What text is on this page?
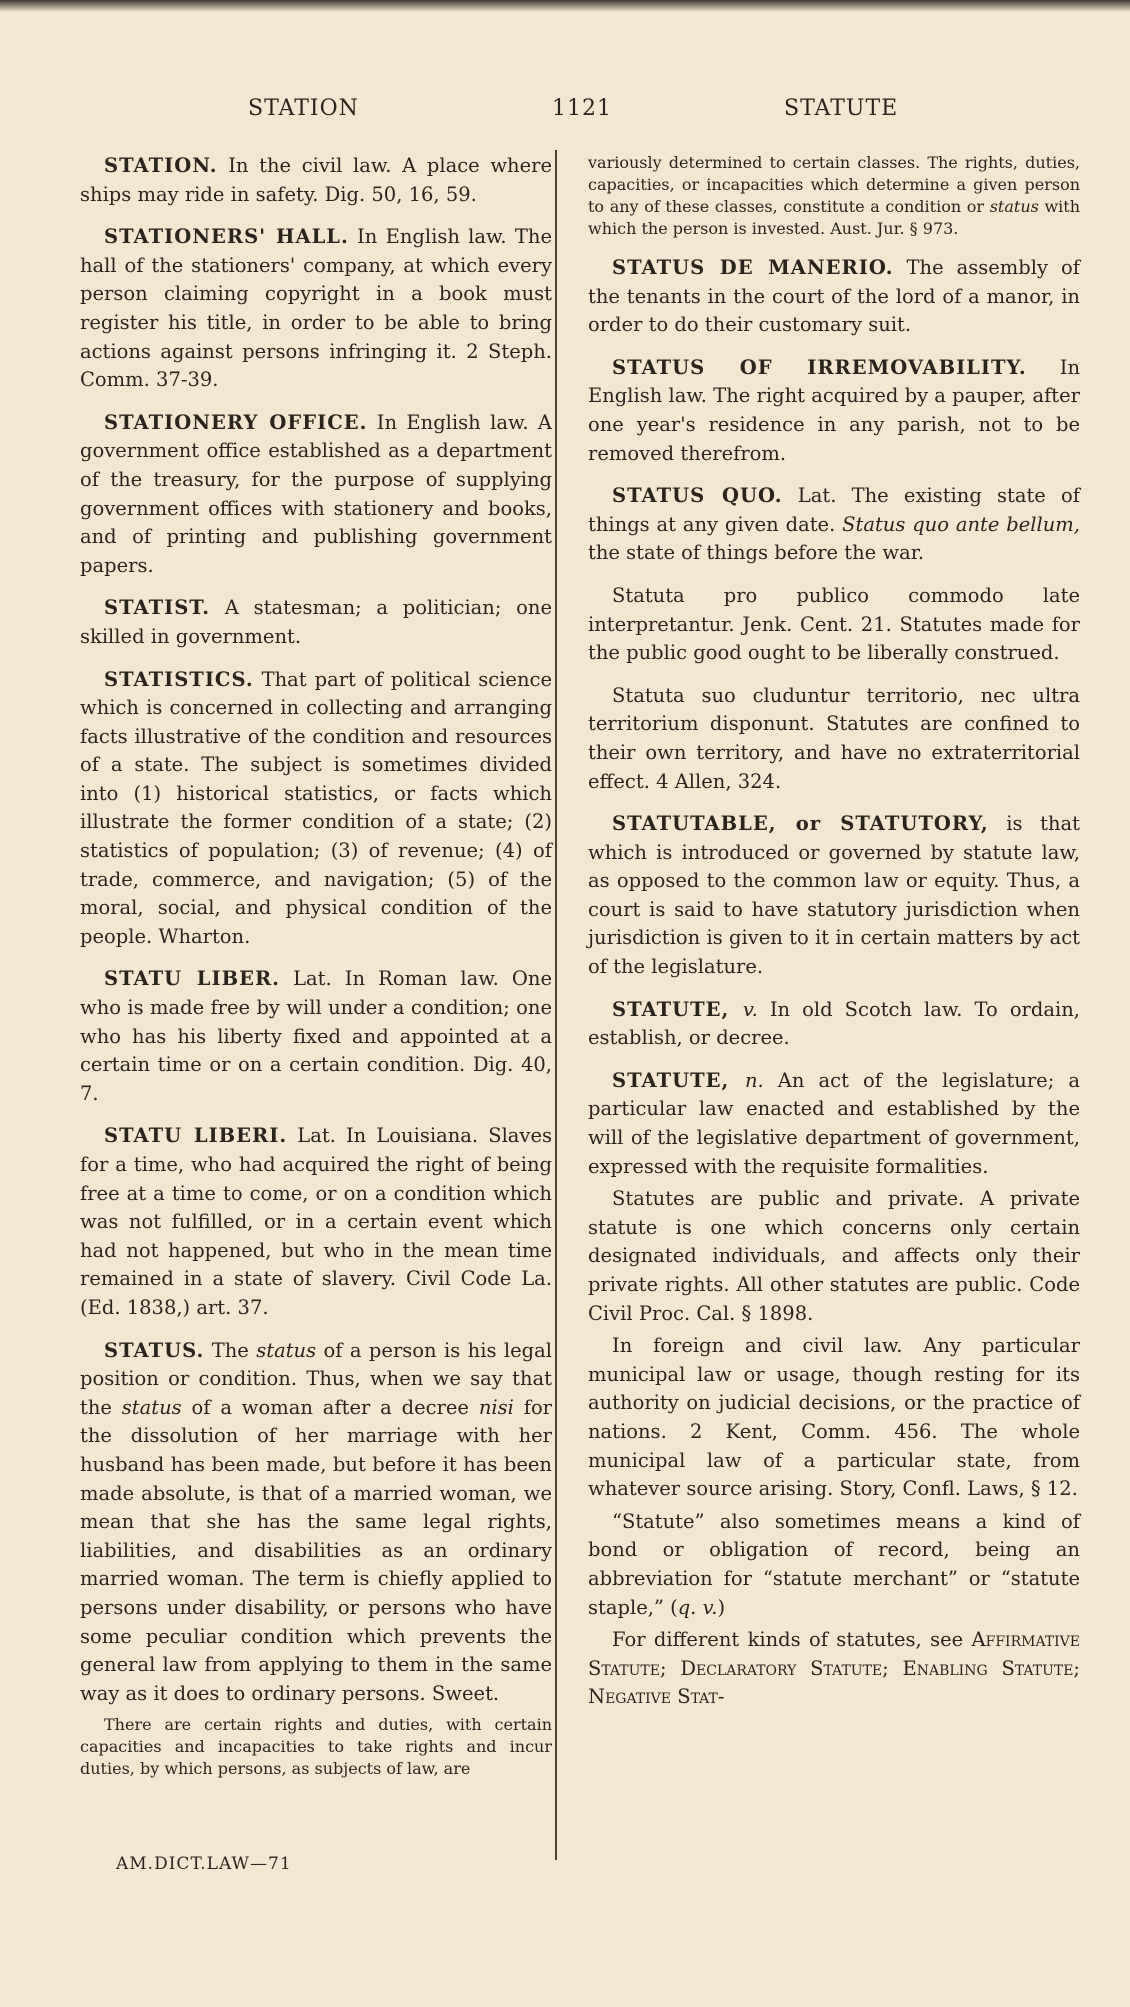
STATION	1121	STATUTE

STATION. In the civil law. A place where ships may ride in safety. Dig. 50, 16, 59.

STATIONERS' HALL. In English law. The hall of the stationers' company, at which every person claiming copyright in a book must register his title, in order to be able to bring actions against persons infringing it. 2 Steph. Comm. 37-39.

STATIONERY OFFICE. In English law. A government office established as a department of the treasury, for the purpose of supplying government offices with stationery and books, and of printing and publishing government papers.

STATIST. A statesman; a politician; one skilled in government.

STATISTICS. That part of political science which is concerned in collecting and arranging facts illustrative of the condition and resources of a state. The subject is sometimes divided into (1) historical statistics, or facts which illustrate the former condition of a state; (2) statistics of population; (3) of revenue; (4) of trade, commerce, and navigation; (5) of the moral, social, and physical condition of the people. Wharton.

STATU LIBER. Lat. In Roman law. One who is made free by will under a condition; one who has his liberty fixed and appointed at a certain time or on a certain condition. Dig. 40, 7.

STATU LIBERI. Lat. In Louisiana. Slaves for a time, who had acquired the right of being free at a time to come, or on a condition which was not fulfilled, or in a certain event which had not happened, but who in the mean time remained in a state of slavery. Civil Code La. (Ed. 1838,) art. 37.

STATUS. The status of a person is his legal position or condition. Thus, when we say that the status of a woman after a decree nisi for the dissolution of her marriage with her husband has been made, but before it has been made absolute, is that of a married woman, we mean that she has the same legal rights, liabilities, and disabilities as an ordinary married woman. The term is chiefly applied to persons under disability, or persons who have some peculiar condition which prevents the general law from applying to them in the same way as it does to ordinary persons. Sweet.

There are certain rights and duties, with certain capacities and incapacities to take rights and incur duties, by which persons, as subjects of law, are

variously determined to certain classes. The rights, duties, capacities, or incapacities which determine a given person to any of these classes, constitute a condition or status with which the person is invested. Aust. Jur. § 973.

STATUS DE MANERIO. The assembly of the tenants in the court of the lord of a manor, in order to do their customary suit.

STATUS OF IRREMOVABILITY. In English law. The right acquired by a pauper, after one year's residence in any parish, not to be removed therefrom.

STATUS QUO. Lat. The existing state of things at any given date. Status quo ante bellum, the state of things before the war.

Statuta pro publico commodo late interpretantur. Jenk. Cent. 21. Statutes made for the public good ought to be liberally construed.

Statuta suo cluduntur territorio, nec ultra territorium disponunt. Statutes are confined to their own territory, and have no extraterritorial effect. 4 Allen, 324.

STATUTABLE, or STATUTORY, is that which is introduced or governed by statute law, as opposed to the common law or equity. Thus, a court is said to have statutory jurisdiction when jurisdiction is given to it in certain matters by act of the legislature.

STATUTE, v. In old Scotch law. To ordain, establish, or decree.

STATUTE, n. An act of the legislature; a particular law enacted and established by the will of the legislative department of government, expressed with the requisite formalities.

Statutes are public and private. A private statute is one which concerns only certain designated individuals, and affects only their private rights. All other statutes are public. Code Civil Proc. Cal. § 1898.

In foreign and civil law. Any particular municipal law or usage, though resting for its authority on judicial decisions, or the practice of nations. 2 Kent, Comm. 456. The whole municipal law of a particular state, from whatever source arising. Story, Confl. Laws, § 12.

“Statute” also sometimes means a kind of bond or obligation of record, being an abbreviation for “statute merchant” or “statute staple,” (q. v.)

For different kinds of statutes, see Affirmative Statute; Declaratory Statute; Enabling Statute; Negative Stat-

AM.DICT.LAW—71
